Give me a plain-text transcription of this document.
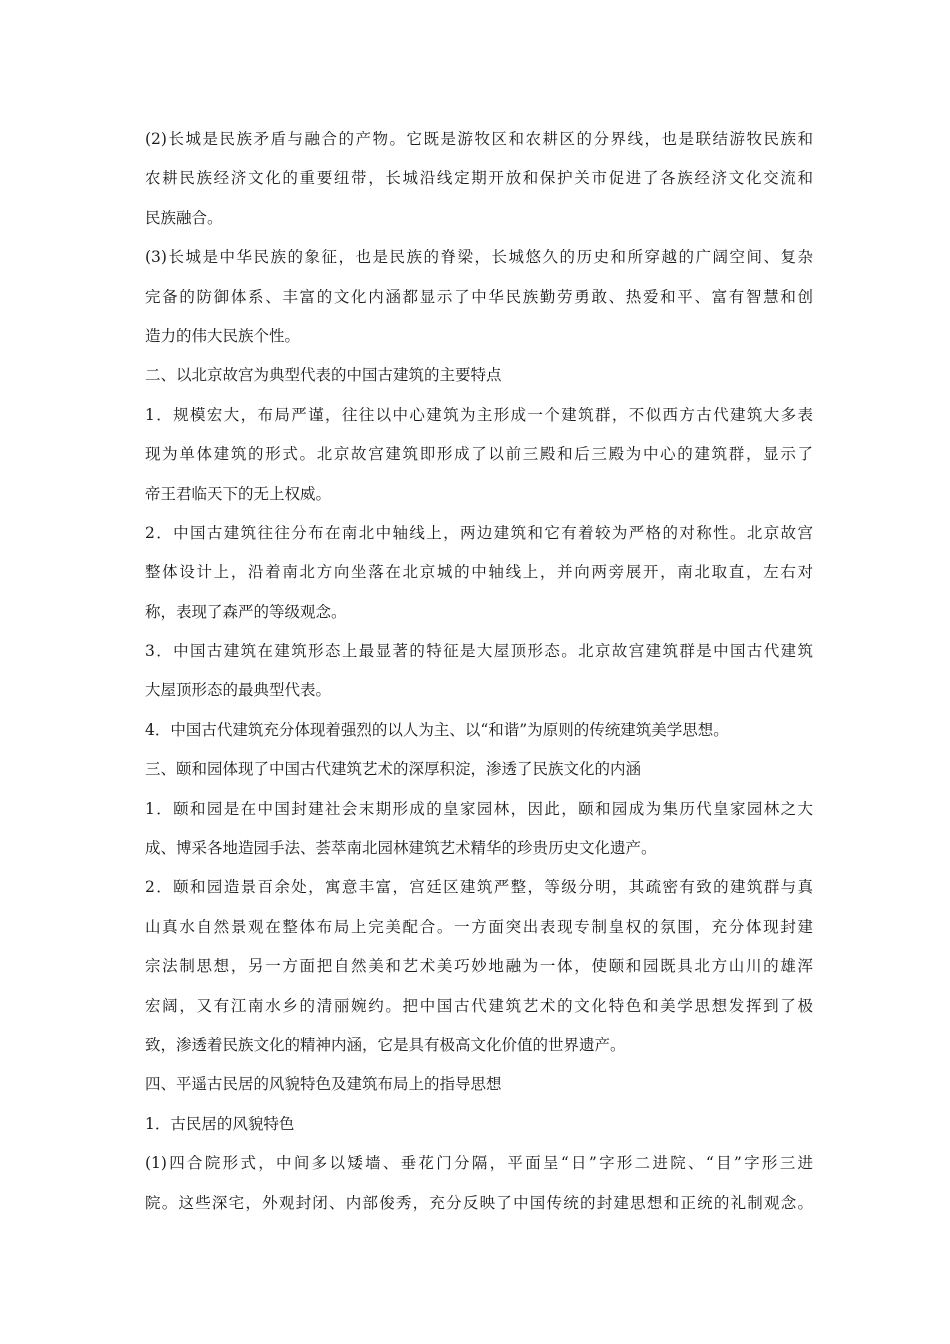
(2)长城是民族矛盾与融合的产物。它既是游牧区和农耕区的分界线，也是联结游牧民族和
农耕民族经济文化的重要纽带，长城沿线定期开放和保护关市促进了各族经济文化交流和
民族融合。
(3)长城是中华民族的象征，也是民族的脊梁，长城悠久的历史和所穿越的广阔空间、复杂
完备的防御体系、丰富的文化内涵都显示了中华民族勤劳勇敢、热爱和平、富有智慧和创
造力的伟大民族个性。
二、以北京故宫为典型代表的中国古建筑的主要特点
1．规模宏大，布局严谨，往往以中心建筑为主形成一个建筑群，不似西方古代建筑大多表
现为单体建筑的形式。北京故宫建筑即形成了以前三殿和后三殿为中心的建筑群，显示了
帝王君临天下的无上权威。
2．中国古建筑往往分布在南北中轴线上，两边建筑和它有着较为严格的对称性。北京故宫
整体设计上，沿着南北方向坐落在北京城的中轴线上，并向两旁展开，南北取直，左右对
称，表现了森严的等级观念。
3．中国古建筑在建筑形态上最显著的特征是大屋顶形态。北京故宫建筑群是中国古代建筑
大屋顶形态的最典型代表。
4．中国古代建筑充分体现着强烈的以人为主、以“和谐”为原则的传统建筑美学思想。
三、颐和园体现了中国古代建筑艺术的深厚积淀，渗透了民族文化的内涵
1．颐和园是在中国封建社会末期形成的皇家园林，因此，颐和园成为集历代皇家园林之大
成、博采各地造园手法、荟萃南北园林建筑艺术精华的珍贵历史文化遗产。
2．颐和园造景百余处，寓意丰富，宫廷区建筑严整，等级分明，其疏密有致的建筑群与真
山真水自然景观在整体布局上完美配合。一方面突出表现专制皇权的氛围，充分体现封建
宗法制思想，另一方面把自然美和艺术美巧妙地融为一体，使颐和园既具北方山川的雄浑
宏阔，又有江南水乡的清丽婉约。把中国古代建筑艺术的文化特色和美学思想发挥到了极
致，渗透着民族文化的精神内涵，它是具有极高文化价值的世界遗产。
四、平遥古民居的风貌特色及建筑布局上的指导思想
1．古民居的风貌特色
(1)四合院形式，中间多以矮墙、垂花门分隔，平面呈“日”字形二进院、“目”字形三进
院。这些深宅，外观封闭、内部俊秀，充分反映了中国传统的封建思想和正统的礼制观念。
